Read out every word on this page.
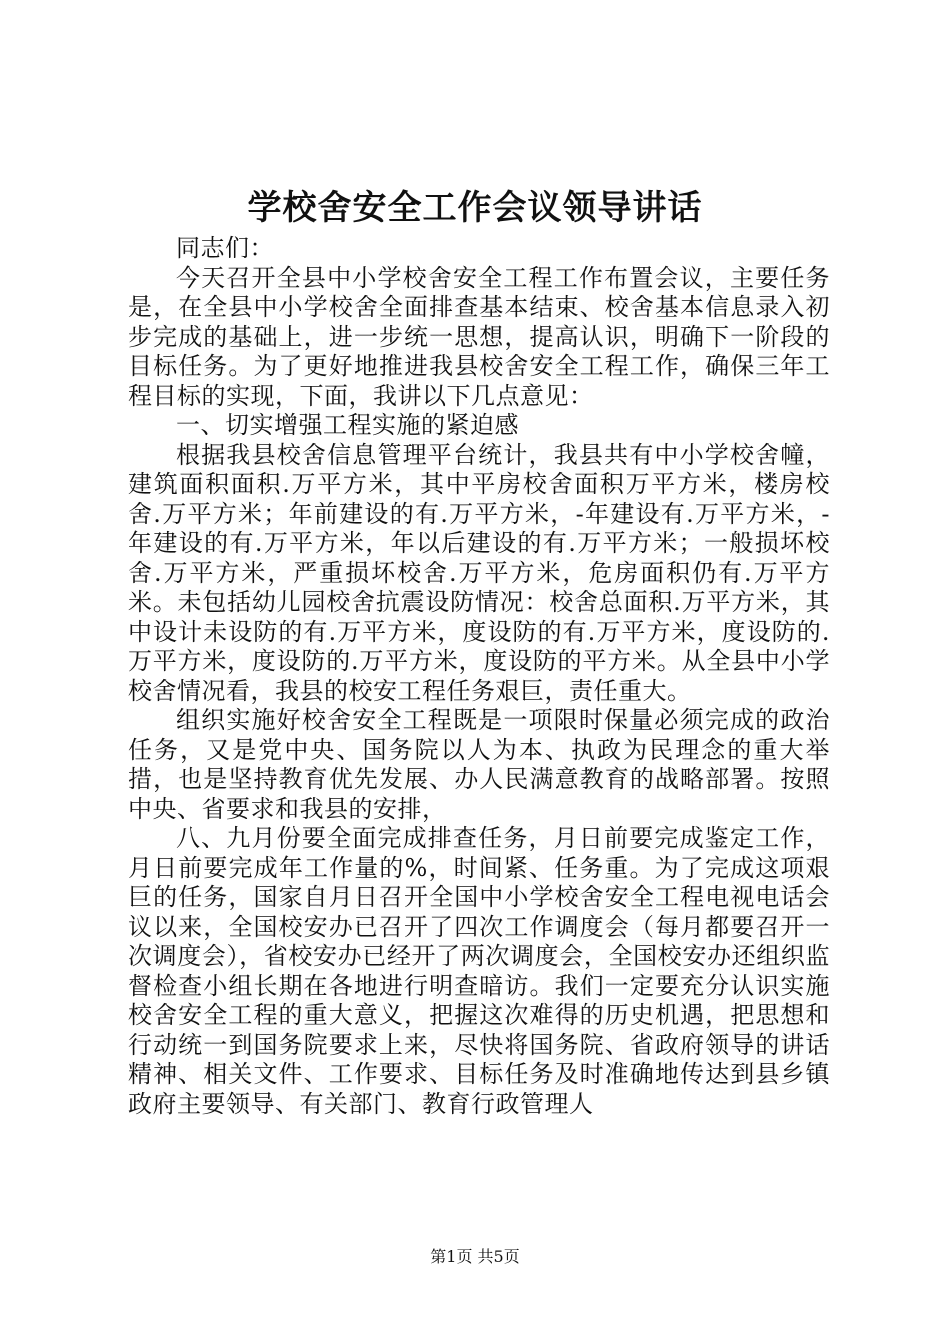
学校舍安全工作会议领导讲话

同志们：

今天召开全县中小学校舍安全工程工作布置会议，主要任务是，在全县中小学校舍全面排查基本结束、校舍基本信息录入初步完成的基础上，进一步统一思想，提高认识，明确下一阶段的目标任务。为了更好地推进我县校舍安全工程工作，确保三年工程目标的实现，下面，我讲以下几点意见：

一、切实增强工程实施的紧迫感

根据我县校舍信息管理平台统计，我县共有中小学校舍幢，建筑面积面积.万平方米，其中平房校舍面积万平方米，楼房校舍.万平方米；年前建设的有.万平方米，-年建设有.万平方米，-年建设的有.万平方米，年以后建设的有.万平方米；一般损坏校舍.万平方米，严重损坏校舍.万平方米，危房面积仍有.万平方米。未包括幼儿园校舍抗震设防情况：校舍总面积.万平方米，其中设计未设防的有.万平方米，度设防的有.万平方米，度设防的.万平方米，度设防的.万平方米，度设防的平方米。从全县中小学校舍情况看，我县的校安工程任务艰巨，责任重大。

组织实施好校舍安全工程既是一项限时保量必须完成的政治任务，又是党中央、国务院以人为本、执政为民理念的重大举措，也是坚持教育优先发展、办人民满意教育的战略部署。按照中央、省要求和我县的安排，

八、九月份要全面完成排查任务，月日前要完成鉴定工作，月日前要完成年工作量的%，时间紧、任务重。为了完成这项艰巨的任务，国家自月日召开全国中小学校舍安全工程电视电话会议以来，全国校安办已召开了四次工作调度会（每月都要召开一次调度会），省校安办已经开了两次调度会，全国校安办还组织监督检查小组长期在各地进行明查暗访。我们一定要充分认识实施校舍安全工程的重大意义，把握这次难得的历史机遇，把思想和行动统一到国务院要求上来，尽快将国务院、省政府领导的讲话精神、相关文件、工作要求、目标任务及时准确地传达到县乡镇政府主要领导、有关部门、教育行政管理人

第1页 共5页
